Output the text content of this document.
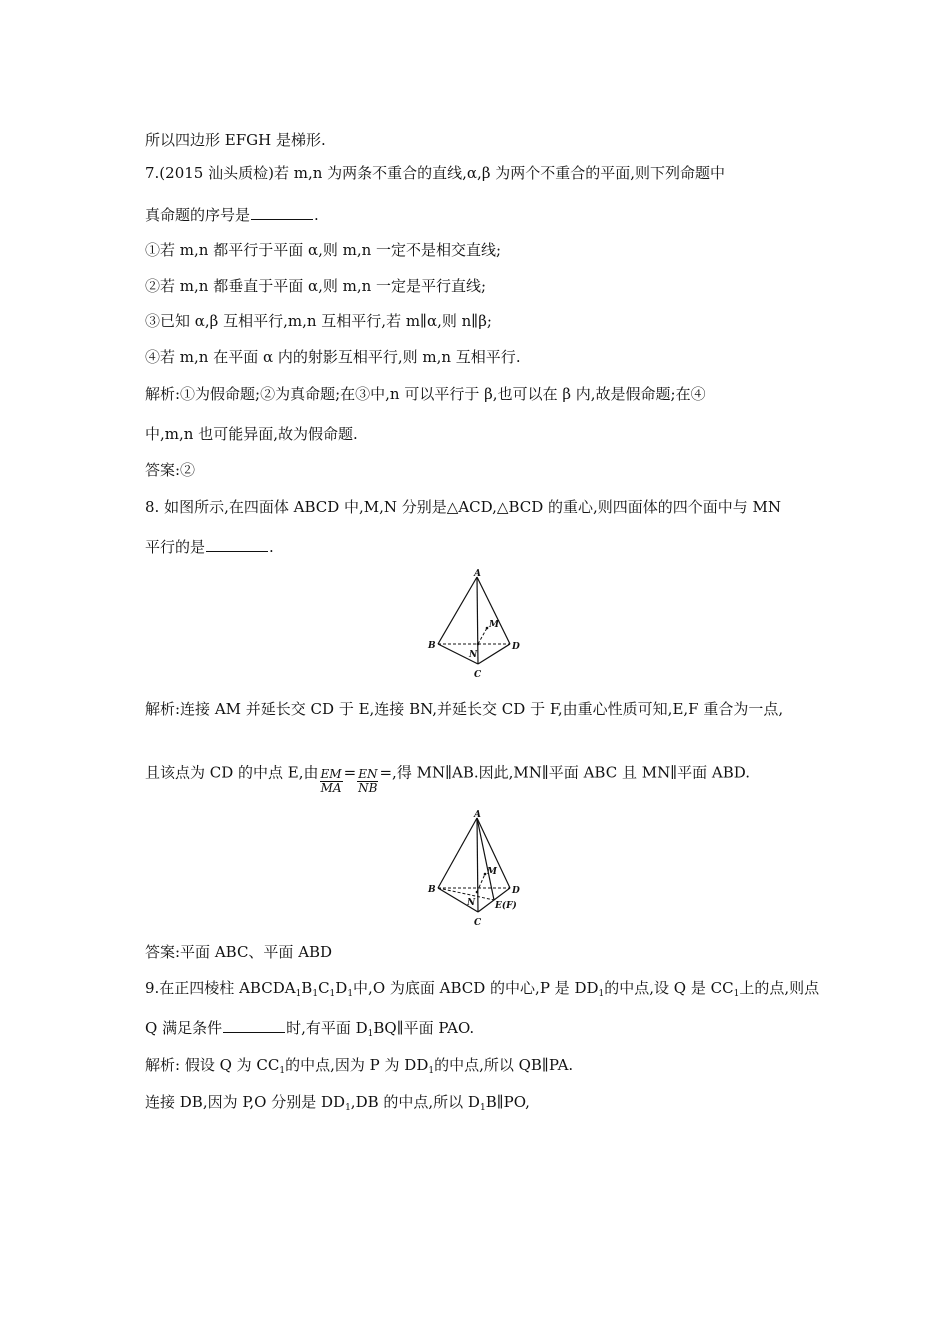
所以四边形 EFGH 是梯形.
7.(2015 汕头质检)若 m,n 为两条不重合的直线,α,β 为两个不重合的平面,则下列命题中
真命题的序号是	.
①若 m,n 都平行于平面 α,则 m,n 一定不是相交直线;
②若 m,n 都垂直于平面 α,则 m,n 一定是平行直线;
③已知 α,β 互相平行,m,n 互相平行,若 m∥α,则 n∥β;
④若 m,n 在平面 α 内的射影互相平行,则 m,n 互相平行.
解析:①为假命题;②为真命题;在③中,n 可以平行于 β,也可以在 β 内,故是假命题;在④
中,m,n 也可能异面,故为假命题.
答案:②
8. 如图所示,在四面体 ABCD 中,M,N 分别是△ACD,△BCD 的重心,则四面体的四个面中与 MN
平行的是	.
A
B	D
C
M
N
解析:连接 AM 并延长交 CD 于 E,连接 BN,并延长交 CD 于 F,由重心性质可知,E,F 重合为一点,
且该点为 CD 的中点 E,由 $\frac{EM}{MA} = \frac{EN}{NB}$ =,得 MN∥AB.因此,MN∥平面 ABC 且 MN∥平面 ABD.
A
B	D
C
M
N E(F)
答案:平面 ABC、平面 ABD
9.在正四棱柱 $ABCDA_1B_1C_1D_1$中,O 为底面 ABCD 的中心,P 是 $DD_1$的中点,设 Q 是 $CC_1$上的点,则点
Q 满足条件	时,有平面 $D_1BQ\parallel$平面 PAO.
解析: 假设 Q 为 $CC_1$的中点,因为 P 为 $DD_1$的中点,所以 QB∥PA.
连接 DB,因为 P,O 分别是 $DD_1,DB$ 的中点,所以 $D_1B\parallel PO$,
